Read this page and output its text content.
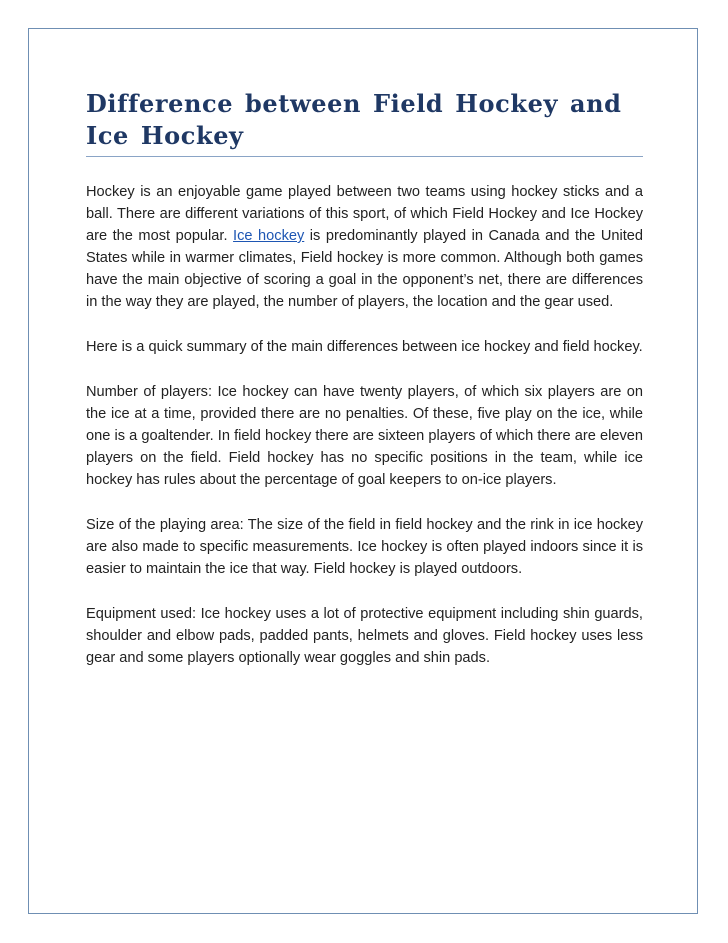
Difference between Field Hockey and Ice Hockey

Hockey is an enjoyable game played between two teams using hockey sticks and a ball. There are different variations of this sport, of which Field Hockey and Ice Hockey are the most popular. Ice hockey is predominantly played in Canada and the United States while in warmer climates, Field hockey is more common. Although both games have the main objective of scoring a goal in the opponent’s net, there are differences in the way they are played, the number of players, the location and the gear used.

Here is a quick summary of the main differences between ice hockey and field hockey.

Number of players: Ice hockey can have twenty players, of which six players are on the ice at a time, provided there are no penalties. Of these, five play on the ice, while one is a goaltender. In field hockey there are sixteen players of which there are eleven players on the field. Field hockey has no specific positions in the team, while ice hockey has rules about the percentage of goal keepers to on-ice players.

Size of the playing area: The size of the field in field hockey and the rink in ice hockey are also made to specific measurements. Ice hockey is often played indoors since it is easier to maintain the ice that way. Field hockey is played outdoors.

Equipment used: Ice hockey uses a lot of protective equipment including shin guards, shoulder and elbow pads, padded pants, helmets and gloves. Field hockey uses less gear and some players optionally wear goggles and shin pads.
